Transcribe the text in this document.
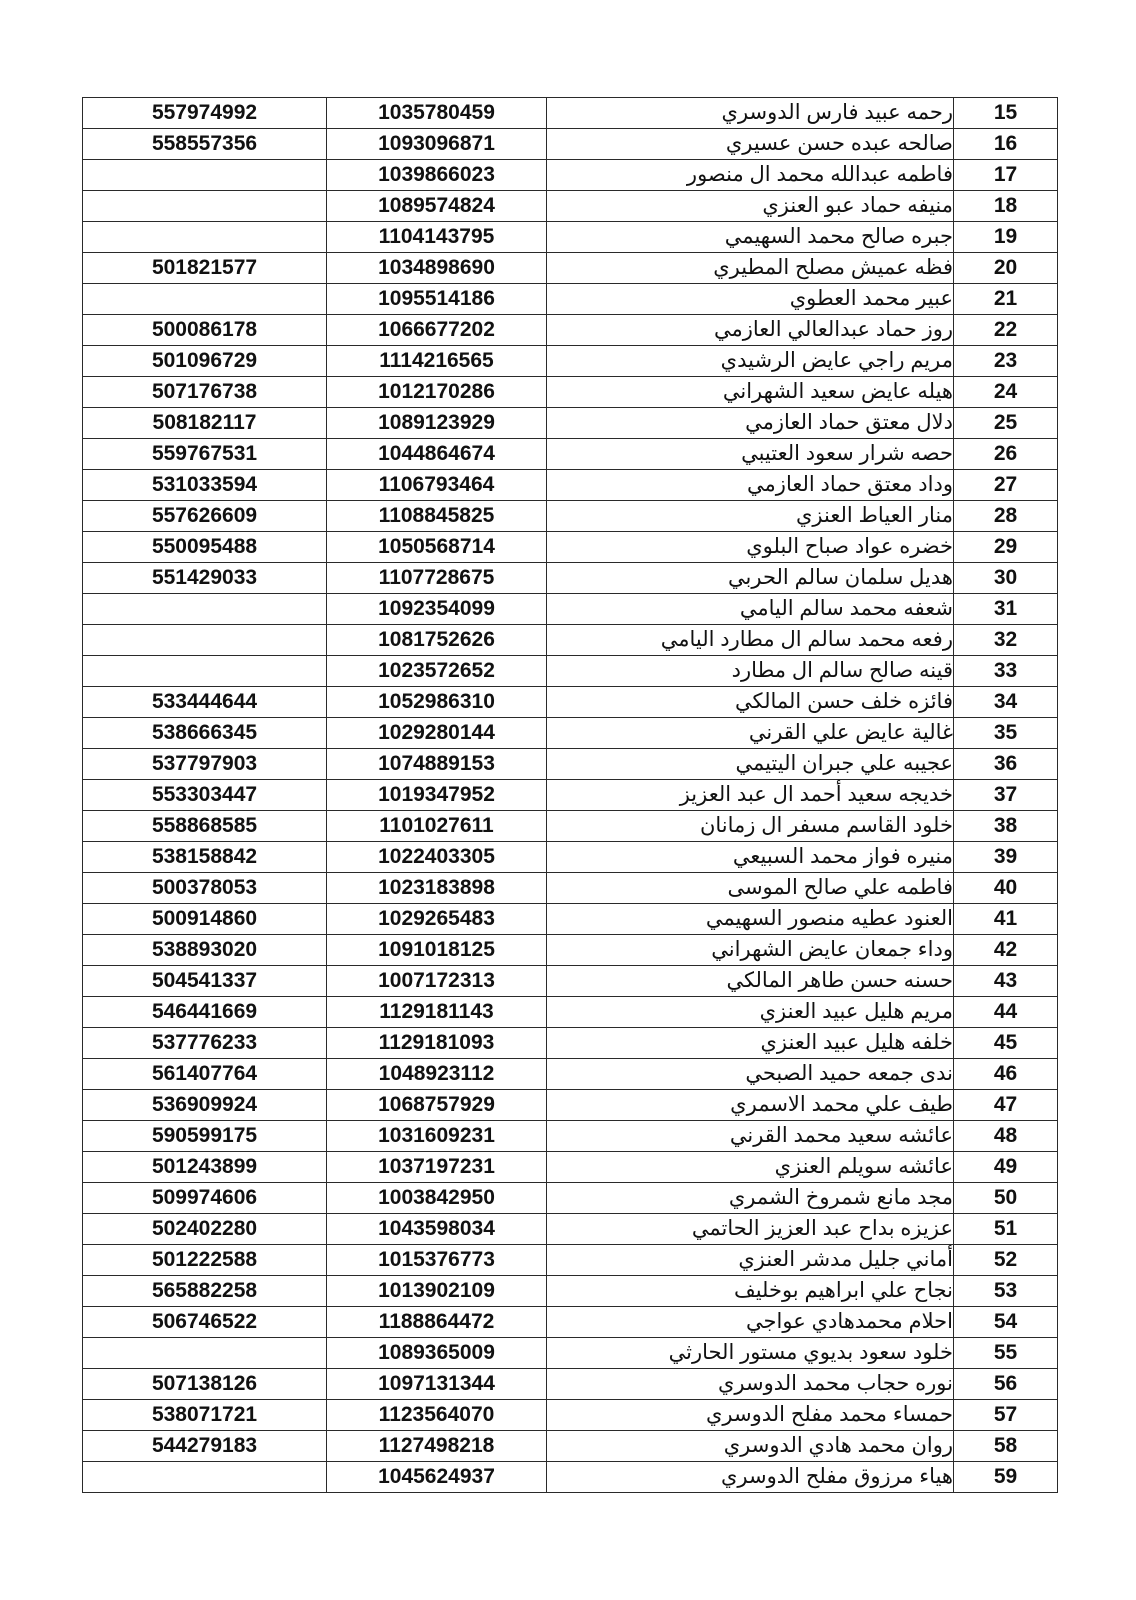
557974992	1035780459	رحمه عبيد فارس الدوسري	15
558557356	1093096871	صالحه عبده حسن عسيري	16
	1039866023	فاطمه عبدالله محمد ال منصور	17
	1089574824	منيفه حماد عبو العنزي	18
	1104143795	جبره صالح محمد السهيمي	19
501821577	1034898690	فظه عميش مصلح المطيري	20
	1095514186	عبير محمد العطوي	21
500086178	1066677202	روز حماد عبدالعالي العازمي	22
501096729	1114216565	مريم راجي عايض الرشيدي	23
507176738	1012170286	هيله عايض سعيد الشهراني	24
508182117	1089123929	دلال معتق حماد العازمي	25
559767531	1044864674	حصه شرار سعود العتيبي	26
531033594	1106793464	وداد معتق حماد العازمي	27
557626609	1108845825	منار العياط العنزي	28
550095488	1050568714	خضره عواد صباح البلوي	29
551429033	1107728675	هديل سلمان سالم الحربي	30
	1092354099	شعفه محمد سالم اليامي	31
	1081752626	رفعه محمد سالم ال مطارد اليامي	32
	1023572652	قينه صالح سالم ال مطارد	33
533444644	1052986310	فائزه خلف حسن المالكي	34
538666345	1029280144	غالية عايض علي القرني	35
537797903	1074889153	عجيبه علي جبران اليتيمي	36
553303447	1019347952	خديجه سعيد أحمد ال عبد العزيز	37
558868585	1101027611	خلود القاسم مسفر ال زمانان	38
538158842	1022403305	منيره فواز محمد السبيعي	39
500378053	1023183898	فاطمه علي صالح الموسى	40
500914860	1029265483	العنود عطيه منصور السهيمي	41
538893020	1091018125	وداء جمعان عايض الشهراني	42
504541337	1007172313	حسنه حسن طاهر المالكي	43
546441669	1129181143	مريم هليل عبيد العنزي	44
537776233	1129181093	خلفه هليل عبيد العنزي	45
561407764	1048923112	ندى جمعه حميد الصبحي	46
536909924	1068757929	طيف علي محمد الاسمري	47
590599175	1031609231	عائشه سعيد محمد القرني	48
501243899	1037197231	عائشه سويلم العنزي	49
509974606	1003842950	مجد مانع شمروخ الشمري	50
502402280	1043598034	عزيزه بداح عبد العزيز الحاتمي	51
501222588	1015376773	أماني جليل مدشر العنزي	52
565882258	1013902109	نجاح علي ابراهيم بوخليف	53
506746522	1188864472	احلام محمدهادي عواجي	54
	1089365009	خلود سعود بديوي مستور الحارثي	55
507138126	1097131344	نوره حجاب محمد الدوسري	56
538071721	1123564070	حمساء محمد مفلح الدوسري	57
544279183	1127498218	روان محمد هادي الدوسري	58
	1045624937	هياء مرزوق مفلح الدوسري	59
